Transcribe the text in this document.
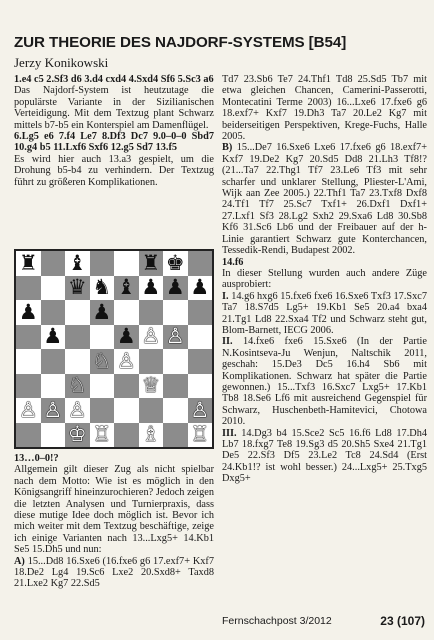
ZUR THEORIE DES NAJDORF-SYSTEMS [B54]
Jerzy Konikowski

1.e4 c5 2.Sf3 d6 3.d4 cxd4 4.Sxd4 Sf6 5.Sc3 a6

Das Najdorf-System ist heutzutage die populärste Variante in der Sizilianischen Verteidigung. Mit dem Textzug plant Schwarz mittels b7-b5 ein Konterspiel am Damenflügel.

6.Lg5 e6 7.f4 Le7 8.Df3 Dc7 9.0–0–0 Sbd7 10.g4 b5 11.Lxf6 Sxf6 12.g5 Sd7 13.f5

Es wird hier auch 13.a3 gespielt, um die Drohung b5-b4 zu verhindern. Der Textzug führt zu größeren Komplikationen.

♜ ♝	♜ ♚
♛ ♞ ♝ ♟ ♟ ♟
♟	♟
♟	♟ ♙ ♙
♘ ♙
♘	♕
♙ ♙ ♙	♙
♔ ♖ ♗ ♖

13…0–0!?

Allgemein gilt dieser Zug als nicht spielbar nach dem Motto: Wie ist es möglich in den Königsangriff hineinzurochieren? Jedoch zeigen die letzten Analysen und Turnierpraxis, dass diese mutige Idee doch möglich ist. Bevor ich mich weiter mit dem Textzug beschäftige, zeige ich einige Varianten nach 13...Lxg5+ 14.Kb1 Se5 15.Dh5 und nun:

A) 15...Dd8 16.Sxe6 (16.fxe6 g6 17.exf7+ Kxf7 18.De2 Lg4 19.Sc6 Lxe2 20.Sxd8+ Taxd8 21.Lxe2 Kg7 22.Sd5

Td7 23.Sb6 Te7 24.Thf1 Td8 25.Sd5 Tb7 mit etwa gleichen Chancen, Camerini-Passerotti, Montecatini Terme 2003) 16...Lxe6 17.fxe6 g6 18.exf7+ Kxf7 19.Dh3 Ta7 20.Le2 Kg7 mit beiderseitigen Perspektiven, Krege-Fuchs, Halle 2005.

B) 15...De7 16.Sxe6 Lxe6 17.fxe6 g6 18.exf7+ Kxf7 19.De2 Kg7 20.Sd5 Dd8 21.Lh3 Tf8!? (21...Ta7 22.Thg1 Tf7 23.Le6 Tf3 mit sehr scharfer und unklarer Stellung, Pliester-L'Ami, Wijk aan Zee 2005.) 22.Thf1 Ta7 23.Txf8 Dxf8 24.Tf1 Tf7 25.Sc7 Txf1+ 26.Dxf1 Dxf1+ 27.Lxf1 Sf3 28.Lg2 Sxh2 29.Sxa6 Ld8 30.Sb8 Kf6 31.Sc6 Lb6 und der Freibauer auf der h-Linie garantiert Schwarz gute Konterchancen, Tessedik-Rendi, Budapest 2002.

14.f6

In dieser Stellung wurden auch andere Züge ausprobiert:

I. 14.g6 hxg6 15.fxe6 fxe6 16.Sxe6 Txf3 17.Sxc7 Ta7 18.S7d5 Lg5+ 19.Kb1 Se5 20.a4 bxa4 21.Tg1 Ld8 22.Sxa4 Tf2 und Schwarz steht gut, Blom-Barnett, IECG 2006.

II. 14.fxe6 fxe6 15.Sxe6 (In der Partie N.Kosintseva-Ju Wenjun, Naltschik 2011, geschah: 15.De3 Dc5 16.h4 Sb6 mit Komplikationen. Schwarz hat später die Partie gewonnen.) 15...Txf3 16.Sxc7 Lxg5+ 17.Kb1 Tb8 18.Se6 Lf6 mit ausreichend Gegenspiel für Schwarz, Huschenbeth-Hamitevici, Chotowa 2010.

III. 14.Dg3 b4 15.Sce2 Sc5 16.f6 Ld8 17.Dh4 Lb7 18.fxg7 Te8 19.Sg3 d5 20.Sh5 Sxe4 21.Tg1 De5 22.Sf3 Df5 23.Le2 Tc8 24.Sd4 (Erst 24.Kb1!? ist wohl besser.) 24...Lxg5+ 25.Txg5 Dxg5+

Fernschachpost 3/2012	23 (107)
